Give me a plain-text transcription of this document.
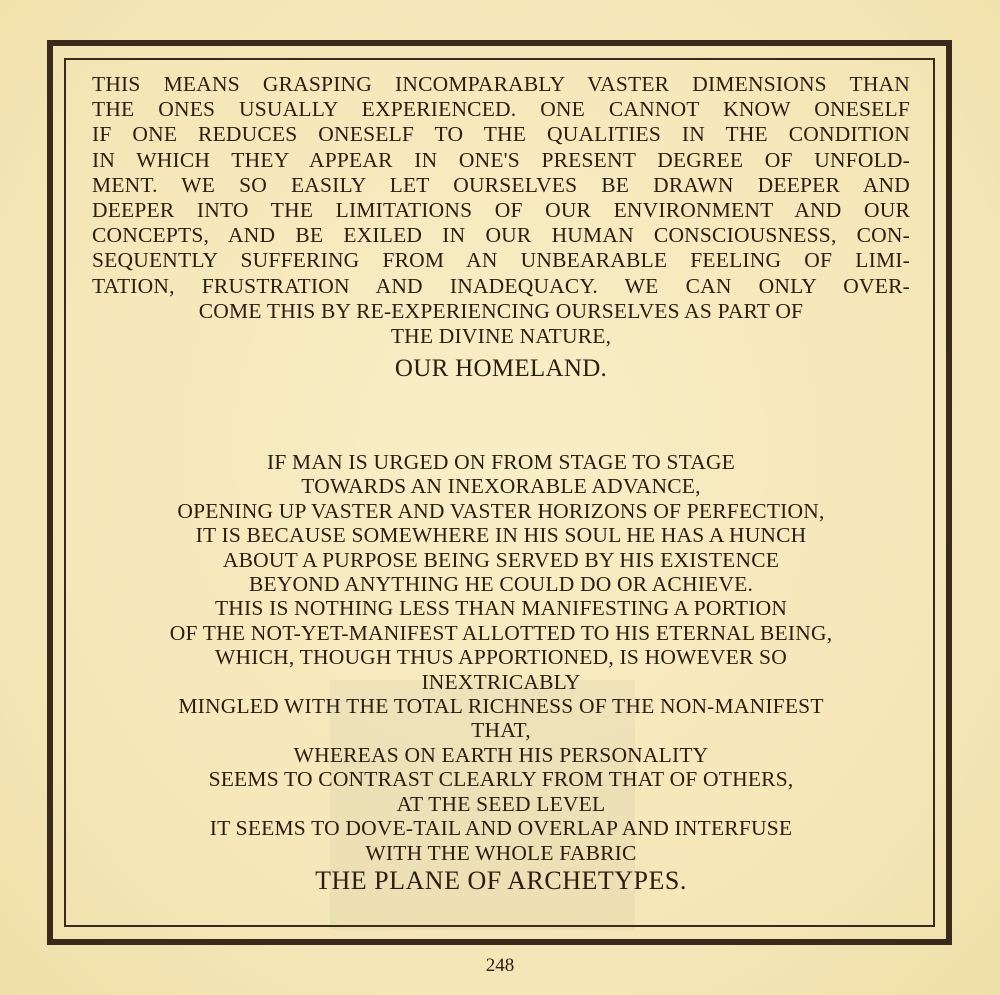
THIS MEANS GRASPING INCOMPARABLY VASTER DIMENSIONS THAN
THE ONES USUALLY EXPERIENCED. ONE CANNOT KNOW ONESELF
IF ONE REDUCES ONESELF TO THE QUALITIES IN THE CONDITION
IN WHICH THEY APPEAR IN ONE'S PRESENT DEGREE OF UNFOLD-
MENT. WE SO EASILY LET OURSELVES BE DRAWN DEEPER AND
DEEPER INTO THE LIMITATIONS OF OUR ENVIRONMENT AND OUR
CONCEPTS, AND BE EXILED IN OUR HUMAN CONSCIOUSNESS, CON-
SEQUENTLY SUFFERING FROM AN UNBEARABLE FEELING OF LIMI-
TATION, FRUSTRATION AND INADEQUACY. WE CAN ONLY OVER-
COME THIS BY RE-EXPERIENCING OURSELVES AS PART OF
THE DIVINE NATURE,

OUR HOMELAND.
IF MAN IS URGED ON FROM STAGE TO STAGE
TOWARDS AN INEXORABLE ADVANCE,
OPENING UP VASTER AND VASTER HORIZONS OF PERFECTION,
IT IS BECAUSE SOMEWHERE IN HIS SOUL HE HAS A HUNCH
ABOUT A PURPOSE BEING SERVED BY HIS EXISTENCE
BEYOND ANYTHING HE COULD DO OR ACHIEVE.
THIS IS NOTHING LESS THAN MANIFESTING A PORTION
OF THE NOT-YET-MANIFEST ALLOTTED TO HIS ETERNAL BEING,
WHICH, THOUGH THUS APPORTIONED, IS HOWEVER SO
INEXTRICABLY
MINGLED WITH THE TOTAL RICHNESS OF THE NON-MANIFEST
THAT,
WHEREAS ON EARTH HIS PERSONALITY
SEEMS TO CONTRAST CLEARLY FROM THAT OF OTHERS,
AT THE SEED LEVEL
IT SEEMS TO DOVE-TAIL AND OVERLAP AND INTERFUSE
WITH THE WHOLE FABRIC
THE PLANE OF ARCHETYPES.
248
